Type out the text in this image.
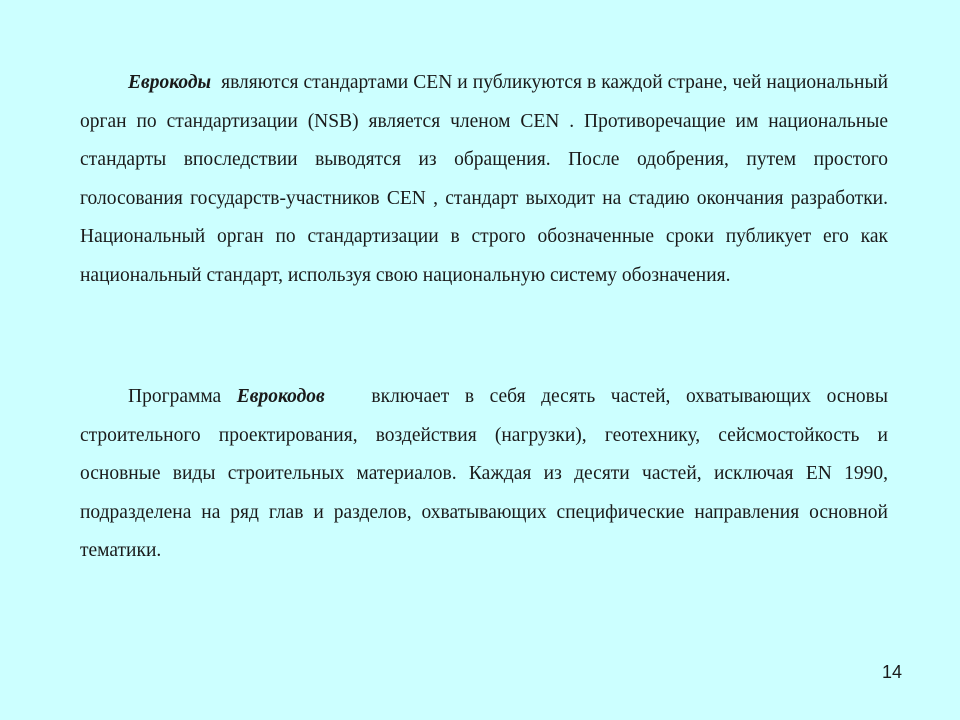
Еврокоды  являются стандартами CEN и публикуются в каждой стране, чей национальный орган по стандартизации (NSB) является членом CEN . Противоречащие им национальные стандарты впоследствии выводятся из обращения. После одобрения, путем простого голосования государств-участников CEN , стандарт выходит на стадию окончания разработки. Национальный орган по стандартизации в строго обозначенные сроки публикует его как национальный стандарт, используя свою национальную систему обозначения.

Программа Еврокодов   включает в себя десять частей, охватывающих основы строительного проектирования, воздействия (нагрузки), геотехнику, сейсмостойкость и основные виды строительных материалов. Каждая из десяти частей, исключая EN 1990, подразделена на ряд глав и разделов, охватывающих специфические направления основной тематики.

14
